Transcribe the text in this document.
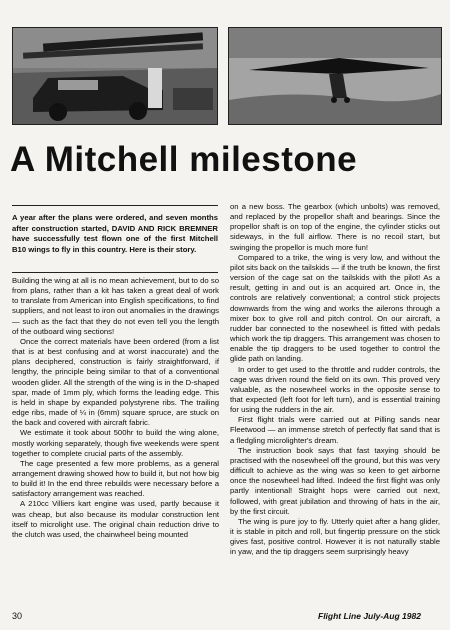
A Mitchell milestone
A year after the plans were ordered, and seven months after construction started, DAVID AND RICK BREMNER have successfully test flown one of the first Mitchell B10 wings to fly in this country. Here is their story.

Building the wing at all is no mean achievement, but to do so from plans, rather than a kit has taken a great deal of work to translate from American into English specifications, to find suppliers, and not least to iron out anomalies in the drawings — such as the fact that they do not even tell you the length of the outboard wing sections!

Once the correct materials have been ordered (from a list that is at best confusing and at worst inaccurate) and the plans deciphered, construction is fairly straightforward, if lengthy, the principle being similar to that of a conventional wooden glider. All the strength of the wing is in the D-shaped spar, made of 1mm ply, which forms the leading edge. This is held in shape by expanded polystyrene ribs. The trailing edge ribs, made of ¼ in (6mm) square spruce, are stuck on the back and covered with aircraft fabric.

We estimate it took about 500hr to build the wing alone, mostly working separately, though five weekends were spent together to complete crucial parts of the assembly.

The cage presented a few more problems, as a general arrangement drawing showed how to build it, but not how big to build it! In the end three rebuilds were necessary before a satisfactory arrangement was reached.

A 210cc Villiers kart engine was used, partly because it was cheap, but also because its modular construction lent itself to microlight use. The original chain reduction drive to the clutch was used, the chainwheel being mounted

on a new boss. The gearbox (which unbolts) was removed, and replaced by the propellor shaft and bearings. Since the propellor shaft is on top of the engine, the cylinder sticks out sideways, in the full airflow. There is no recoil start, but swinging the propellor is much more fun!

Compared to a trike, the wing is very low, and without the pilot sits back on the tailskids — if the truth be known, the first version of the cage sat on the tailskids with the pilot! As a result, getting in and out is an acquired art. Once in, the controls are relatively conventional; a control stick projects downwards from the wing and works the ailerons through a mixer box to give roll and pitch control. On our aircraft, a rudder bar connected to the nosewheel is fitted with pedals which work the tip draggers. This arrangement was chosen to enable the tip draggers to be used together to control the glide path on landing.

In order to get used to the throttle and rudder controls, the cage was driven round the field on its own. This proved very valuable, as the nosewheel works in the opposite sense to that expected (left foot for left turn), and is essential training for using the rudders in the air.

First flight trials were carried out at Pilling sands near Fleetwood — an immense stretch of perfectly flat sand that is a fledgling microlighter's dream.

The instruction book says that fast taxying should be practised with the nosewheel off the ground, but this was very difficult to achieve as the wing was so keen to get airborne once the nosewheel had lifted. Indeed the first flight was only partly intentional! Straight hops were carried out next, followed, with great jubilation and throwing of hats in the air, by the first circuit.

The wing is pure joy to fly. Utterly quiet after a hang glider, it is stable in pitch and roll, but fingertip pressure on the stick gives fast, positive control. However it is not naturally stable in yaw, and the tip draggers seem surprisingly heavy

30	Flight Line July-Aug 1982
